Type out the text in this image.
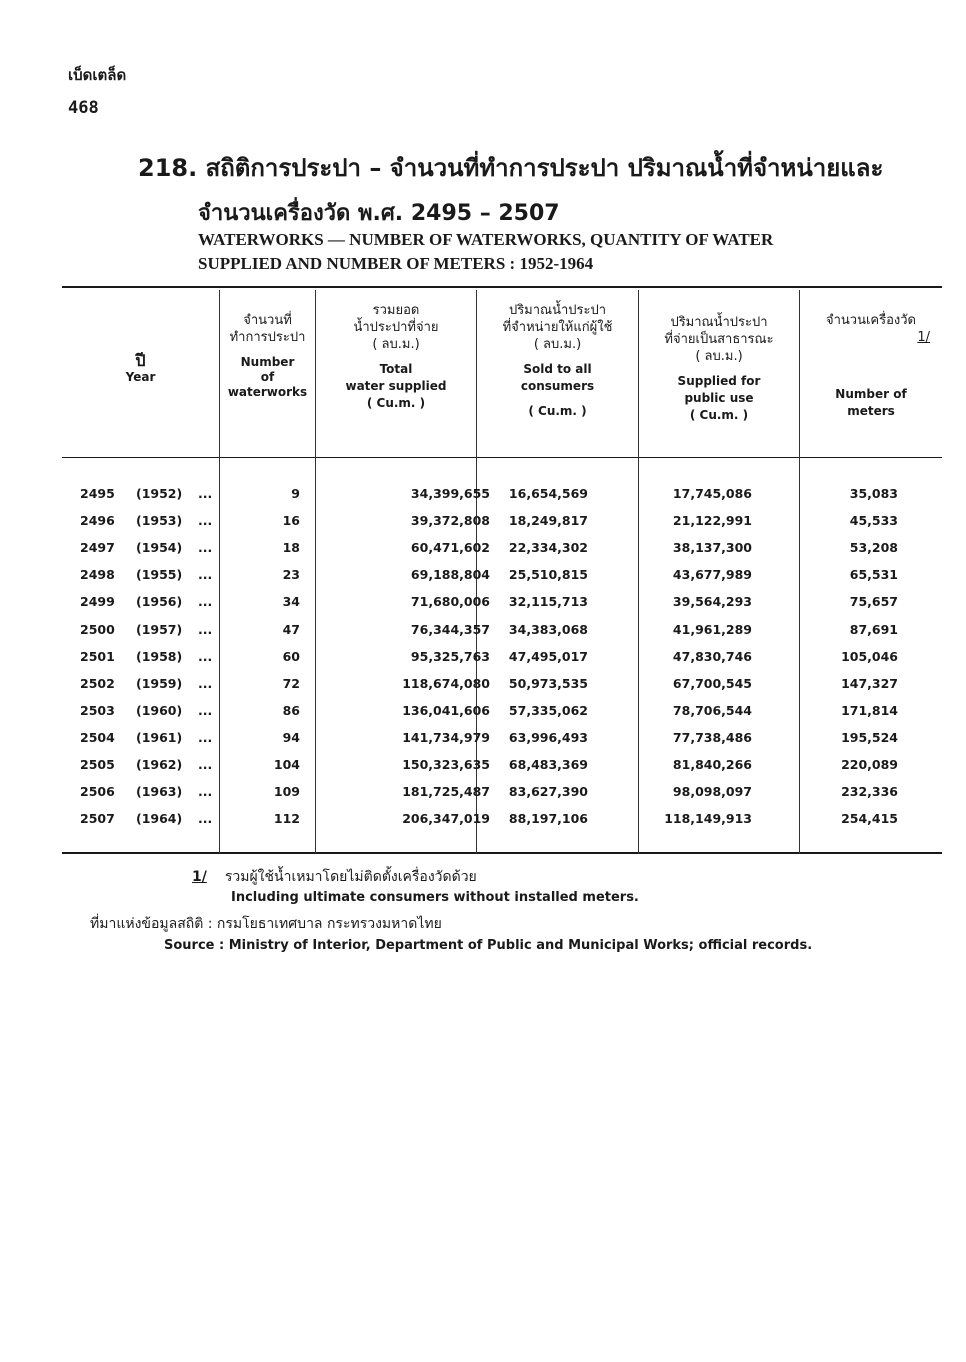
เบ็ดเตล็ด
468
218. สถิติการประปา – จำนวนที่ทำการประปา ปริมาณน้ำที่จำหน่ายและ
จำนวนเครื่องวัด พ.ศ. 2495 – 2507
WATERWORKS — NUMBER OF WATERWORKS, QUANTITY OF WATER
SUPPLIED AND NUMBER OF METERS : 1952-1964
ปี
Year
จำนวนที่
ทำการประปา
Number
of
waterworks
รวมยอด
น้ำประปาที่จ่าย
( ลบ.ม.)
Total
water supplied
( Cu.m. )
ปริมาณน้ำประปา
ที่จำหน่ายให้แก่ผู้ใช้
( ลบ.ม.)
Sold to all
consumers
( Cu.m. )
ปริมาณน้ำประปา
ที่จ่ายเป็นสาธารณะ
( ลบ.ม.)
Supplied for
public use
( Cu.m. )
จำนวนเครื่องวัด
1/
Number of
meters
2495 (1952)	...	9	34,399,655	16,654,569	17,745,086	35,083
2496 (1953)	...	16	39,372,808	18,249,817	21,122,991	45,533
2497 (1954)	...	18	60,471,602	22,334,302	38,137,300	53,208
2498 (1955)	...	23	69,188,804	25,510,815	43,677,989	65,531
2499 (1956)	...	34	71,680,006	32,115,713	39,564,293	75,657
2500 (1957)	...	47	76,344,357	34,383,068	41,961,289	87,691
2501 (1958)	...	60	95,325,763	47,495,017	47,830,746	105,046
2502 (1959)	...	72	118,674,080	50,973,535	67,700,545	147,327
2503 (1960)	...	86	136,041,606	57,335,062	78,706,544	171,814
2504 (1961)	...	94	141,734,979	63,996,493	77,738,486	195,524
2505 (1962)	...	104	150,323,635	68,483,369	81,840,266	220,089
2506 (1963)	...	109	181,725,487	83,627,390	98,098,097	232,336
2507 (1964)	...	112	206,347,019	88,197,106	118,149,913	254,415
1/ รวมผู้ใช้น้ำเหมาโดยไม่ติดตั้งเครื่องวัดด้วย
Including ultimate consumers without installed meters.
ที่มาแห่งข้อมูลสถิติ : กรมโยธาเทศบาล กระทรวงมหาดไทย
Source : Ministry of Interior, Department of Public and Municipal Works; official records.
